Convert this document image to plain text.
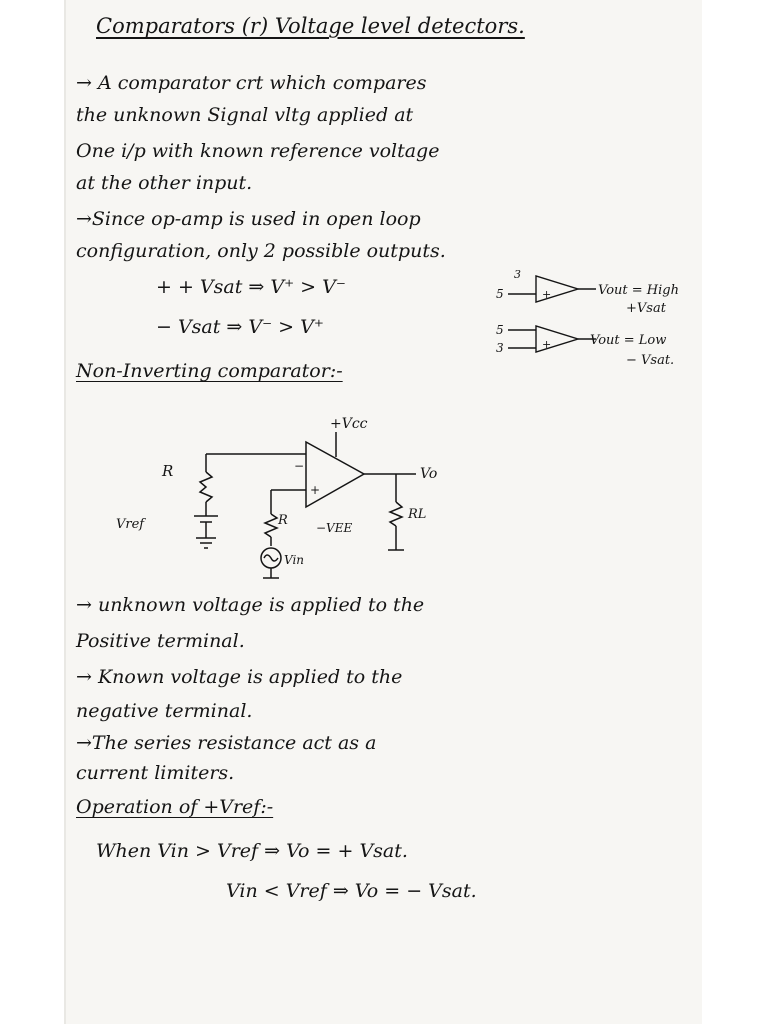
Comparators (r) Voltage level detectors.
→ A comparator crt which compares
the unknown Signal vltg applied at
One i/p with known reference voltage
at the other input.
→Since op-amp is used in open loop
configuration, only 2 possible outputs.
+ + Vsat ⇒ V⁺ > V⁻
− Vsat ⇒ V⁻ > V⁺
3
5	+	Vout = High
+Vsat
5
3	+	Vout = Low
− Vsat.
Non-Inverting comparator:-
−
+
+Vcc
Vo
R
Vref	R −VEE
RL
Vin
→ unknown voltage is applied to the
Positive terminal.
→ Known voltage is applied to the
negative terminal.
→The series resistance act as a
current limiters.
Operation of +Vref:-
When Vin > Vref ⇒ Vo = + Vsat.
Vin < Vref ⇒ Vo = − Vsat.
